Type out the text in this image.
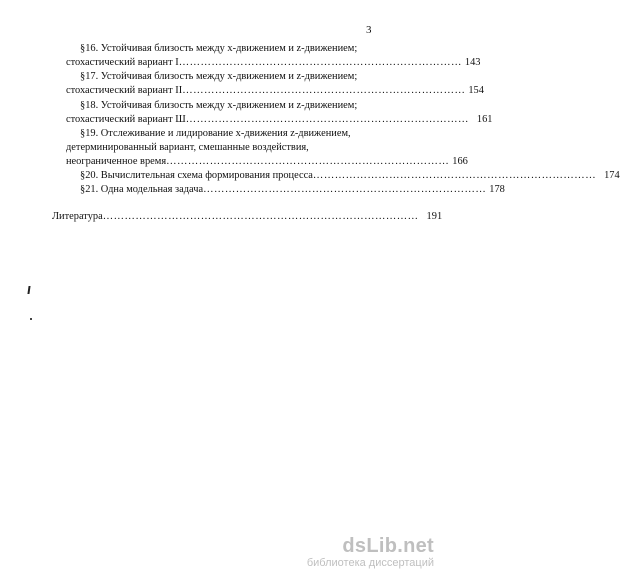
3
§16. Устойчивая близость между x-движением и z-движением;
стохастический вариант I …………………………………………………………………… 143
§17. Устойчивая близость между x-движением и z-движением;
стохастический вариант II …………………………………………………………………… 154
§18. Устойчивая близость между x-движением и z-движением;
стохастический вариант Ш …………………………………………………………………… 161
§19. Отслеживание и лидирование x-движения z-движением,
детерминированный вариант, смешанные воздействия,
неограниченное время …………………………………………………………………… 166
§20. Вычислительная схема формирования процесса …………………………………………………………………… 174
§21. Одна модельная задача …………………………………………………………………… 178
Литература …………………………………………………………………………… 191
dsLib.net
библиотека диссертаций
